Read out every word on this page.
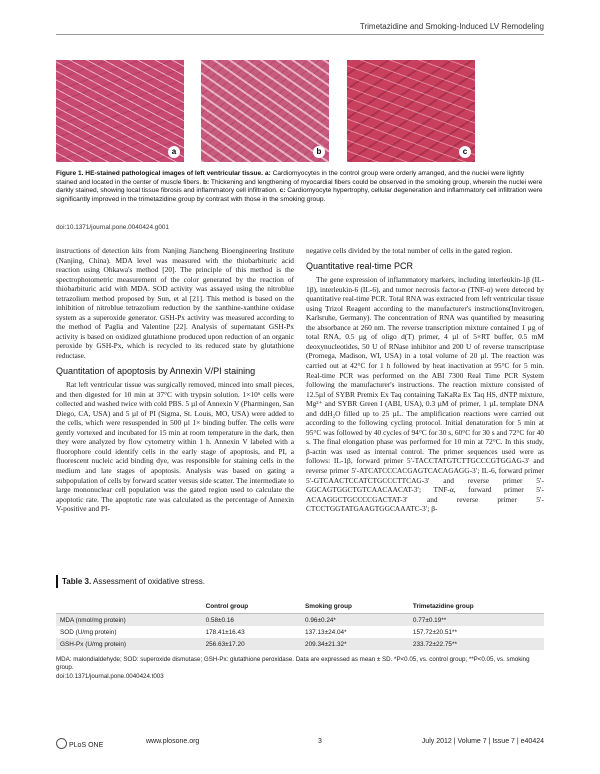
Trimetazidine and Smoking-Induced LV Remodeling
a	b	c
Figure 1. HE-stained pathological images of left ventricular tissue. a: Cardiomyocytes in the control group were orderly arranged, and the nuclei were lightly stained and located in the center of muscle fibers. b: Thickening and lengthening of myocardial fibers could be observed in the smoking group, wherein the nuclei were darkly stained, showing local tissue fibrosis and inflammatory cell infiltration. c: Cardiomyocyte hypertrophy, cellular degeneration and inflammatory cell infiltration were significantly improved in the trimetazidine group by contrast with those in the smoking group.
doi:10.1371/journal.pone.0040424.g001

instructions of detection kits from Nanjing Jiancheng Bioengineering Institute (Nanjing, China). MDA level was measured with the thiobarbituric acid reaction using Ohkawa's method [20]. The principle of this method is the spectrophotometric measurement of the color generated by the reaction of thiobarbituric acid with MDA. SOD activity was assayed using the nitroblue tetrazolium method proposed by Sun, et al [21]. This method is based on the inhibition of nitroblue tetrazolium reduction by the xanthine-xanthine oxidase system as a superoxide generator. GSH-Px activity was measured according to the method of Paglia and Valentine [22]. Analysis of supernatant GSH-Px activity is based on oxidized glutathione produced upon reduction of an organic peroxide by GSH-Px, which is recycled to its reduced state by glutathione reductase.

Quantitation of apoptosis by Annexin V/PI staining

Rat left ventricular tissue was surgically removed, minced into small pieces, and then digested for 10 min at 37°C with trypsin solution. 1×10⁶ cells were collected and washed twice with cold PBS. 5 µl of Annexin V (Pharmingen, San Diego, CA, USA) and 5 µl of PI (Sigma, St. Louis, MO, USA) were added to the cells, which were resuspended in 500 µl 1× binding buffer. The cells were gently vortexed and incubated for 15 min at room temperature in the dark, then they were analyzed by flow cytometry within 1 h. Annexin V labeled with a fluorophore could identify cells in the early stage of apoptosis, and PI, a fluorescent nucleic acid binding dye, was responsible for staining cells in the medium and late stages of apoptosis. Analysis was based on gating a subpopulation of cells by forward scatter versus side scatter. The intermediate to large mononuclear cell population was the gated region used to calculate the apoptotic rate. The apoptotic rate was calculated as the percentage of Annexin V-positive and PI-

negative cells divided by the total number of cells in the gated region.

Quantitative real-time PCR

The gene expression of inflammatory markers, including interleukin-1β (IL-1β), interleukin-6 (IL-6), and tumor necrosis factor-α (TNF-α) were deteced by quantitative real-time PCR. Total RNA was extracted from left ventricular tissue using Trizol Reagent according to the manufacturer's instructions(Invitrogen, Karlsruhe, Germany). The concentration of RNA was quantified by measuring the absorbance at 260 nm. The reverse transcription mixture contained 1 µg of total RNA, 0.5 µg of oligo d(T) primer, 4 µl of 5×RT buffer, 0.5 mM deoxynucleotides, 50 U of RNase inhibitor and 200 U of reverse transcriptase (Promega, Madison, WI, USA) in a total volume of 20 µl. The reaction was carried out at 42°C for 1 h followed by heat inactivation at 95°C for 5 min. Real-time PCR was performed on the ABI 7300 Real Time PCR System following the manufacturer's instructions. The reaction mixture consisted of 12.5µl of SYBR Premix Ex Taq containing TaKaRa Ex Taq HS, dNTP mixture, Mg²⁺ and SYBR Green I (ABI, USA), 0.3 µM of primer, 1 µL template DNA and ddH₂O filled up to 25 µL. The amplification reactions were carried out according to the following cycling protocol. Initial denaturation for 5 min at 95°C was followed by 40 cycles of 94°C for 30 s, 60°C for 30 s and 72°C for 40 s. The final elongation phase was performed for 10 min at 72°C. In this study, β-actin was used as internal control. The primer sequences used were as follows: IL-1β, forward primer 5′-TACCTATGTCTTGCCCGTGGAG-3′ and reverse primer 5′-ATCATCCCACGAGTCACAGAGG-3′; IL-6, forward primer 5′-GTCAACTCCATCTGCCCTTCAG-3′ and reverse primer 5′-GGCAGTGGCTGTCAACAACAT-3′; TNF-α, forward primer 5′-ACAAGGCTGCCCCGACTAT-3′ and reverse primer 5′-CTCCTGGTATGAAGTGGCAAATC-3′; β-

Table 3. Assessment of oxidative stress.
	Control group	Smoking group	Trimetazidine group
MDA (nmol/mg protein)	0.58±0.16	0.96±0.24*	0.77±0.19**
SOD (U/mg protein)	178.41±16.43	137.13±24.04*	157.72±20.51**
GSH-Px (U/mg protein)	256.63±17.20	209.34±21.32*	233.72±22.75**
MDA: malondialdehyde; SOD: superoxide dismutase; GSH-Px: glutathione peroxidase. Data are expressed as mean ± SD. *P<0.05, vs. control group; **P<0.05, vs. smoking group.
doi:10.1371/journal.pone.0040424.t003
PLoS ONE
www.plosone.org	3	July 2012 | Volume 7 | Issue 7 | e40424
